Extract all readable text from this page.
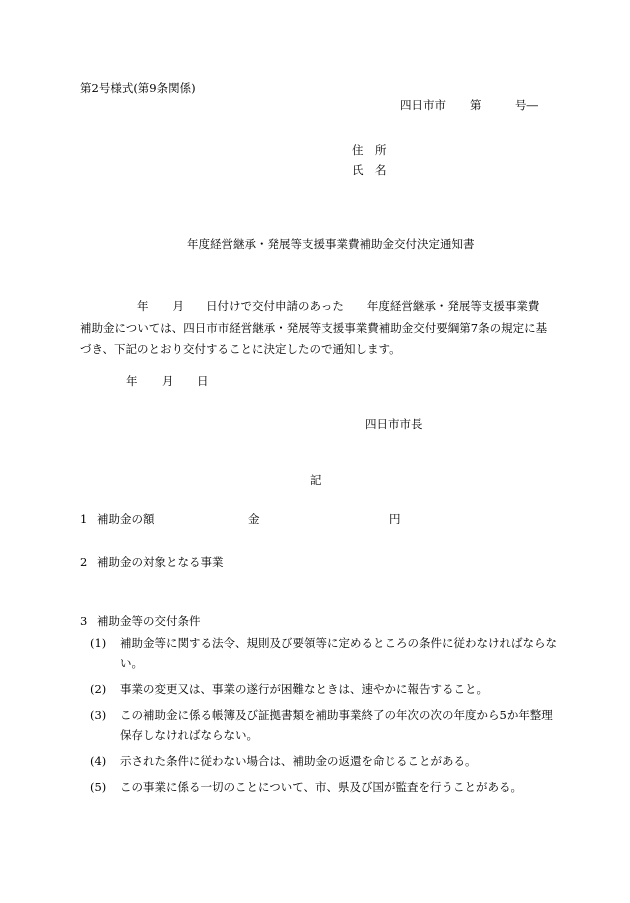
第2号様式(第9条関係)
四日市市 第	号―
住　所
氏　名
年度経営継承・発展等支援事業費補助金交付決定通知書
年 月 日付けで交付申請のあった　　年度経営継承・発展等支援事業費
補助金については、四日市市経営継承・発展等支援事業費補助金交付要綱第7条の規定に基
づき、下記のとおり交付することに決定したので通知します。
年 月 日
四日市市長
記
1 補助金の額	金	円
2 補助金の対象となる事業
3 補助金等の交付条件
(1) 補助金等に関する法令、規則及び要領等に定めるところの条件に従わなければならない。
(2) 事業の変更又は、事業の遂行が困難なときは、速やかに報告すること。
(3) この補助金に係る帳簿及び証拠書類を補助事業終了の年次の次の年度から5か年整理保存しなければならない。
(4) 示された条件に従わない場合は、補助金の返還を命じることがある。
(5) この事業に係る一切のことについて、市、県及び国が監査を行うことがある。
